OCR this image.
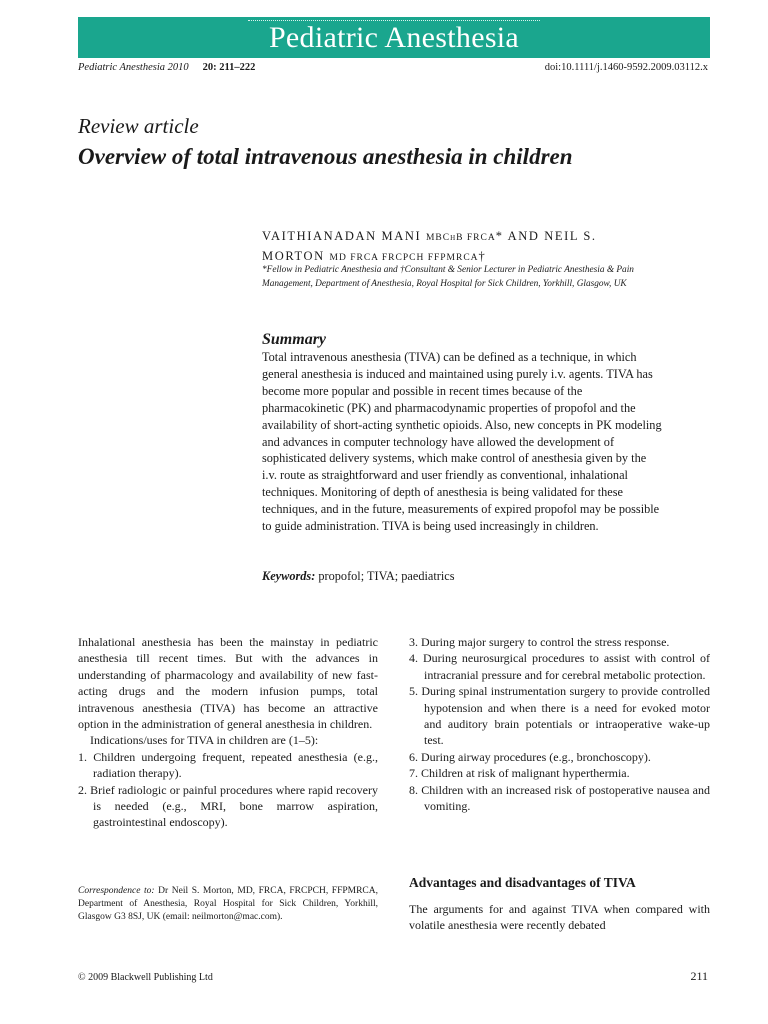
Pediatric Anesthesia
Pediatric Anesthesia 2010 20: 211–222	doi:10.1111/j.1460-9592.2009.03112.x
Review article
Overview of total intravenous anesthesia in children
VAITHIANADAN MANI MBChB FRCA* AND NEIL S. MORTON MD FRCA FRCPCH FFPMRCA†
*Fellow in Pediatric Anesthesia and †Consultant & Senior Lecturer in Pediatric Anesthesia & Pain Management, Department of Anesthesia, Royal Hospital for Sick Children, Yorkhill, Glasgow, UK
Summary
Total intravenous anesthesia (TIVA) can be defined as a technique, in which general anesthesia is induced and maintained using purely i.v. agents. TIVA has become more popular and possible in recent times because of the pharmacokinetic (PK) and pharmacodynamic properties of propofol and the availability of short-acting synthetic opioids. Also, new concepts in PK modeling and advances in computer technology have allowed the development of sophisticated delivery systems, which make control of anesthesia given by the i.v. route as straightforward and user friendly as conventional, inhalational techniques. Monitoring of depth of anesthesia is being validated for these techniques, and in the future, measurements of expired propofol may be possible to guide administration. TIVA is being used increasingly in children.
Keywords: propofol; TIVA; paediatrics

Inhalational anesthesia has been the mainstay in pediatric anesthesia till recent times. But with the advances in understanding of pharmacology and availability of new fast-acting drugs and the modern infusion pumps, total intravenous anesthesia (TIVA) has become an attractive option in the administration of general anesthesia in children.

Indications/uses for TIVA in children are (1–5):

1. Children undergoing frequent, repeated anesthesia (e.g., radiation therapy).
2. Brief radiologic or painful procedures where rapid recovery is needed (e.g., MRI, bone marrow aspiration, gastrointestinal endoscopy).
3. During major surgery to control the stress response.
4. During neurosurgical procedures to assist with control of intracranial pressure and for cerebral metabolic protection.
5. During spinal instrumentation surgery to provide controlled hypotension and when there is a need for evoked motor and auditory brain potentials or intraoperative wake-up test.
6. During airway procedures (e.g., bronchoscopy).
7. Children at risk of malignant hyperthermia.
8. Children with an increased risk of postoperative nausea and vomiting.
Advantages and disadvantages of TIVA
The arguments for and against TIVA when compared with volatile anesthesia were recently debated
Correspondence to: Dr Neil S. Morton, MD, FRCA, FRCPCH, FFPMRCA, Department of Anesthesia, Royal Hospital for Sick Children, Yorkhill, Glasgow G3 8SJ, UK (email: neilmorton@mac.com).
© 2009 Blackwell Publishing Ltd	211
